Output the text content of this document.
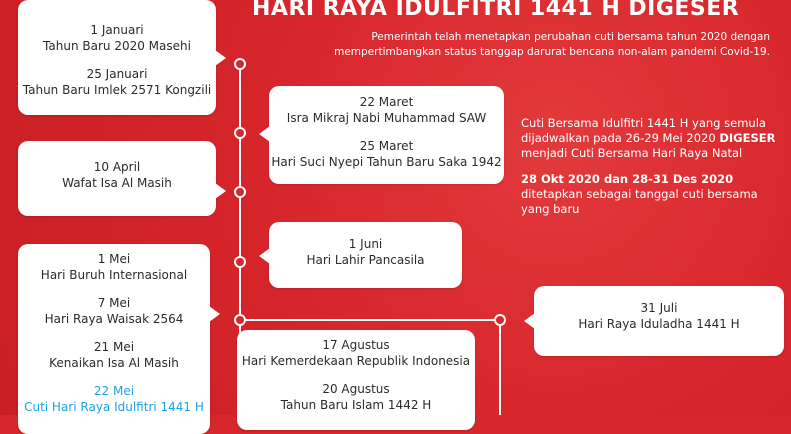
HARI RAYA IDULFITRI 1441 H DIGESER
Pemerintah telah menetapkan perubahan cuti bersama tahun 2020 dengan
mempertimbangkan status tanggap darurat bencana non-alam pandemi Covid-19.
1 Januari
Tahun Baru 2020 Masehi
25 Januari
Tahun Baru Imlek 2571 Kongzili
22 Maret
Isra Mikraj Nabi Muhammad SAW
25 Maret
Hari Suci Nyepi Tahun Baru Saka 1942
10 April
Wafat Isa Al Masih
1 Juni
Hari Lahir Pancasila
1 Mei
Hari Buruh Internasional
7 Mei
Hari Raya Waisak 2564
21 Mei
Kenaikan Isa Al Masih
22 Mei
Cuti Hari Raya Idulfitri 1441 H
31 Juli
Hari Raya Iduladha 1441 H
17 Agustus
Hari Kemerdekaan Republik Indonesia
20 Agustus
Tahun Baru Islam 1442 H

Cuti Bersama Idulfitri 1441 H yang semula dijadwalkan pada 26-29 Mei 2020 DIGESER menjadi Cuti Bersama Hari Raya Natal

28 Okt 2020 dan 28-31 Des 2020
ditetapkan sebagai tanggal cuti bersama yang baru
